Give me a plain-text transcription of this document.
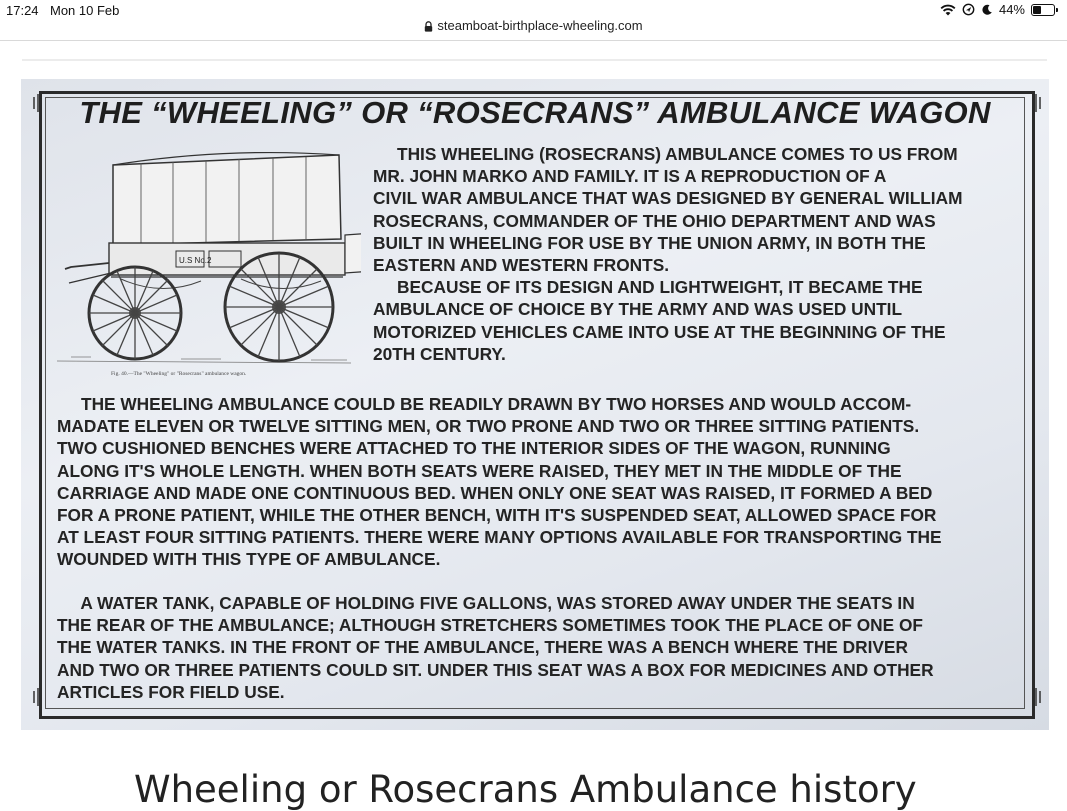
17:24 Mon 10 Feb	44%
steamboat-birthplace-wheeling.com
THE “WHEELING” OR “ROSECRANS” AMBULANCE WAGON
U.S No.2
Fig. 40.—The "Wheeling" or "Rosecrans" ambulance wagon.
THIS WHEELING (ROSECRANS) AMBULANCE COMES TO US FROM
MR. JOHN MARKO AND FAMILY. IT IS A REPRODUCTION OF A
CIVIL WAR AMBULANCE THAT WAS DESIGNED BY GENERAL WILLIAM
ROSECRANS, COMMANDER OF THE OHIO DEPARTMENT AND WAS
BUILT IN WHEELING FOR USE BY THE UNION ARMY, IN BOTH THE
EASTERN AND WESTERN FRONTS.
BECAUSE OF ITS DESIGN AND LIGHTWEIGHT, IT BECAME THE
AMBULANCE OF CHOICE BY THE ARMY AND WAS USED UNTIL
MOTORIZED VEHICLES CAME INTO USE AT THE BEGINNING OF THE
20TH CENTURY.
THE WHEELING AMBULANCE COULD BE READILY DRAWN BY TWO HORSES AND WOULD ACCOM-
MADATE ELEVEN OR TWELVE SITTING MEN, OR TWO PRONE AND TWO OR THREE SITTING PATIENTS.
TWO CUSHIONED BENCHES WERE ATTACHED TO THE INTERIOR SIDES OF THE WAGON, RUNNING
ALONG IT'S WHOLE LENGTH. WHEN BOTH SEATS WERE RAISED, THEY MET IN THE MIDDLE OF THE
CARRIAGE AND MADE ONE CONTINUOUS BED. WHEN ONLY ONE SEAT WAS RAISED, IT FORMED A BED
FOR A PRONE PATIENT, WHILE THE OTHER BENCH, WITH IT'S SUSPENDED SEAT, ALLOWED SPACE FOR
AT LEAST FOUR SITTING PATIENTS. THERE WERE MANY OPTIONS AVAILABLE FOR TRANSPORTING THE
WOUNDED WITH THIS TYPE OF AMBULANCE.
A WATER TANK, CAPABLE OF HOLDING FIVE GALLONS, WAS STORED AWAY UNDER THE SEATS IN
THE REAR OF THE AMBULANCE; ALTHOUGH STRETCHERS SOMETIMES TOOK THE PLACE OF ONE OF
THE WATER TANKS. IN THE FRONT OF THE AMBULANCE, THERE WAS A BENCH WHERE THE DRIVER
AND TWO OR THREE PATIENTS COULD SIT. UNDER THIS SEAT WAS A BOX FOR MEDICINES AND OTHER
ARTICLES FOR FIELD USE.
Wheeling or Rosecrans Ambulance history
